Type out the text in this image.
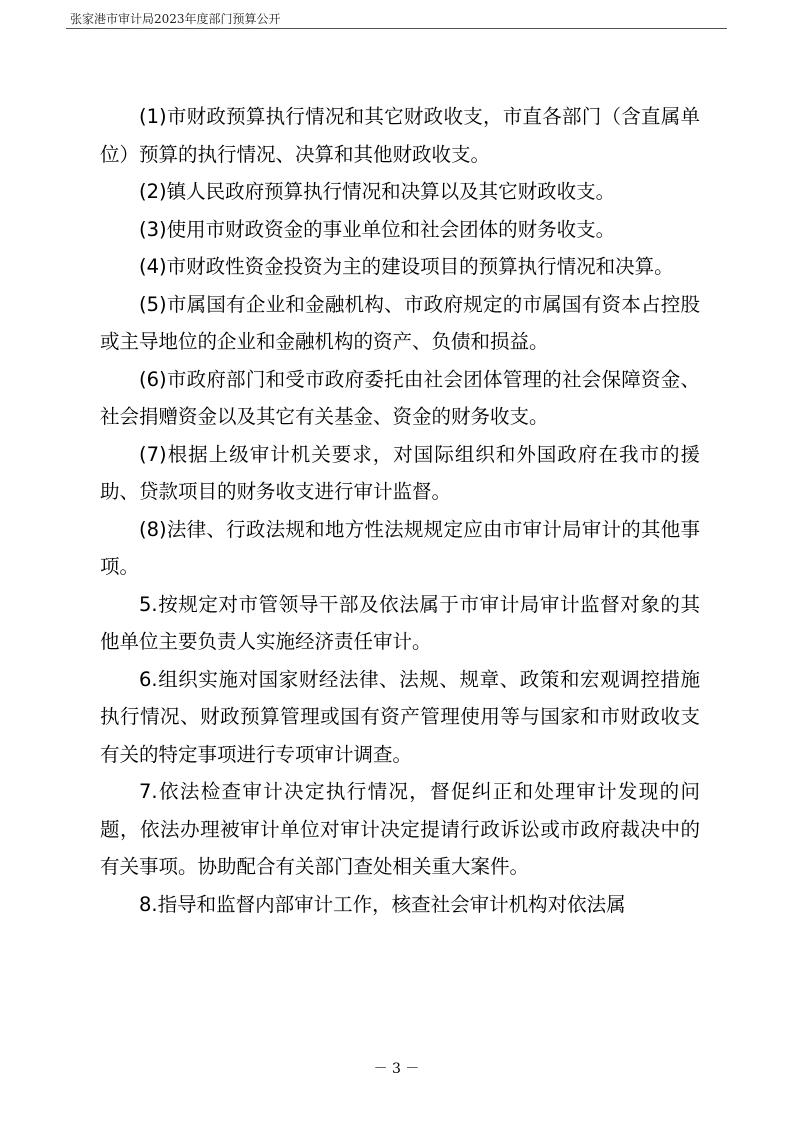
张家港市审计局2023年度部门预算公开

(1)市财政预算执行情况和其它财政收支，市直各部门（含直属单位）预算的执行情况、决算和其他财政收支。

(2)镇人民政府预算执行情况和决算以及其它财政收支。

(3)使用市财政资金的事业单位和社会团体的财务收支。

(4)市财政性资金投资为主的建设项目的预算执行情况和决算。

(5)市属国有企业和金融机构、市政府规定的市属国有资本占控股或主导地位的企业和金融机构的资产、负债和损益。

(6)市政府部门和受市政府委托由社会团体管理的社会保障资金、社会捐赠资金以及其它有关基金、资金的财务收支。

(7)根据上级审计机关要求，对国际组织和外国政府在我市的援助、贷款项目的财务收支进行审计监督。

(8)法律、行政法规和地方性法规规定应由市审计局审计的其他事项。

5.按规定对市管领导干部及依法属于市审计局审计监督对象的其他单位主要负责人实施经济责任审计。

6.组织实施对国家财经法律、法规、规章、政策和宏观调控措施执行情况、财政预算管理或国有资产管理使用等与国家和市财政收支有关的特定事项进行专项审计调查。

7.依法检查审计决定执行情况，督促纠正和处理审计发现的问题，依法办理被审计单位对审计决定提请行政诉讼或市政府裁决中的有关事项。协助配合有关部门查处相关重大案件。

8.指导和监督内部审计工作，核查社会审计机构对依法属

－ 3 －
